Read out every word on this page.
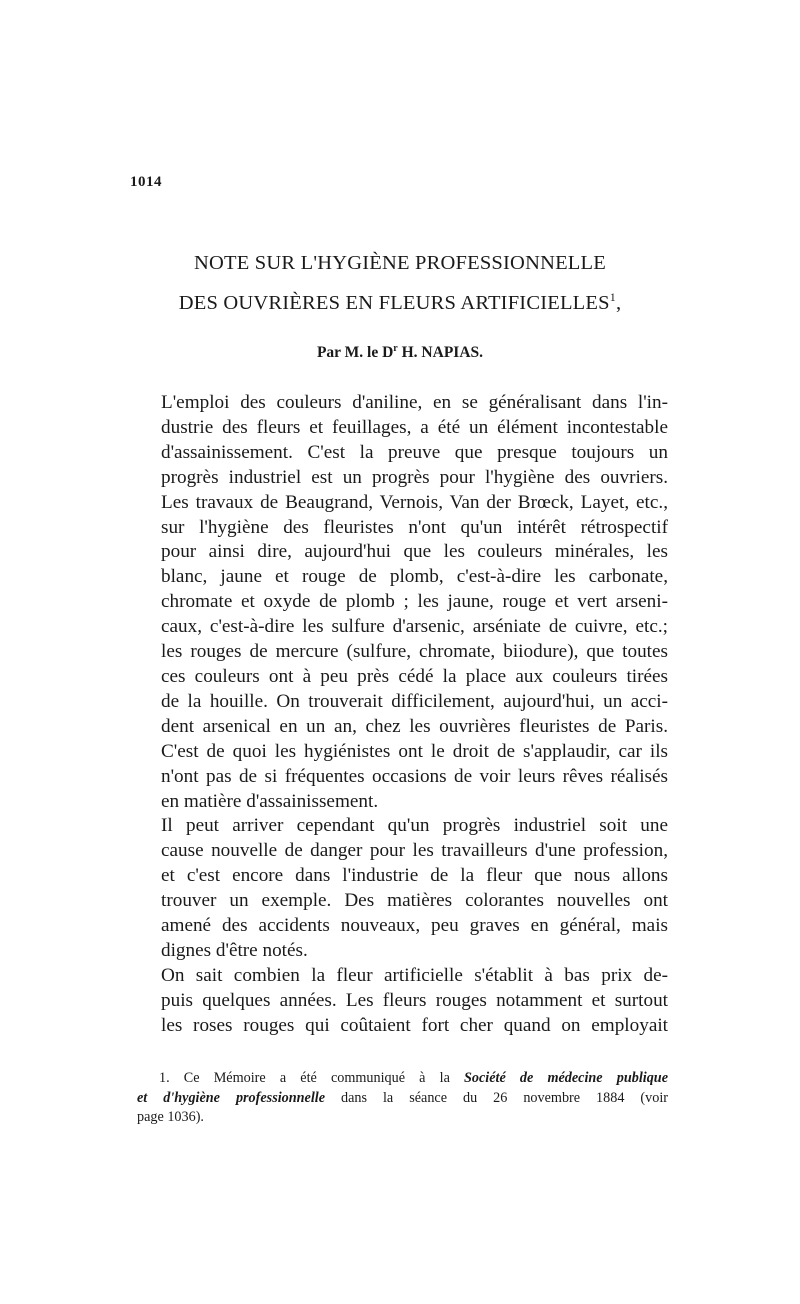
1014
NOTE SUR L'HYGIÈNE PROFESSIONNELLE
DES OUVRIÈRES EN FLEURS ARTIFICIELLES$^1$,
Par M. le $D^r$ H. NAPIAS.

L'emploi des couleurs d'aniline, en se généralisant dans l'in-
dustrie des fleurs et feuillages, a été un élément incontestable
d'assainissement. C'est la preuve que presque toujours un
progrès industriel est un progrès pour l'hygiène des ouvriers.
Les travaux de Beaugrand, Vernois, Van der Brœck, Layet, etc.,
sur l'hygiène des fleuristes n'ont qu'un intérêt rétrospectif
pour ainsi dire, aujourd'hui que les couleurs minérales, les
blanc, jaune et rouge de plomb, c'est-à-dire les carbonate,
chromate et oxyde de plomb ; les jaune, rouge et vert arseni-
caux, c'est-à-dire les sulfure d'arsenic, arséniate de cuivre, etc.;
les rouges de mercure (sulfure, chromate, biiodure), que toutes
ces couleurs ont à peu près cédé la place aux couleurs tirées
de la houille. On trouverait difficilement, aujourd'hui, un acci-
dent arsenical en un an, chez les ouvrières fleuristes de Paris.
C'est de quoi les hygiénistes ont le droit de s'applaudir, car ils
n'ont pas de si fréquentes occasions de voir leurs rêves réalisés
en matière d'assainissement.

Il peut arriver cependant qu'un progrès industriel soit une
cause nouvelle de danger pour les travailleurs d'une profession,
et c'est encore dans l'industrie de la fleur que nous allons
trouver un exemple. Des matières colorantes nouvelles ont
amené des accidents nouveaux, peu graves en général, mais
dignes d'être notés.

On sait combien la fleur artificielle s'établit à bas prix de-
puis quelques années. Les fleurs rouges notamment et surtout
les roses rouges qui coûtaient fort cher quand on employait

1. Ce Mémoire a été communiqué à la Société de médecine publique
et d'hygiène professionnelle dans la séance du 26 novembre 1884 (voir
page 1036).
